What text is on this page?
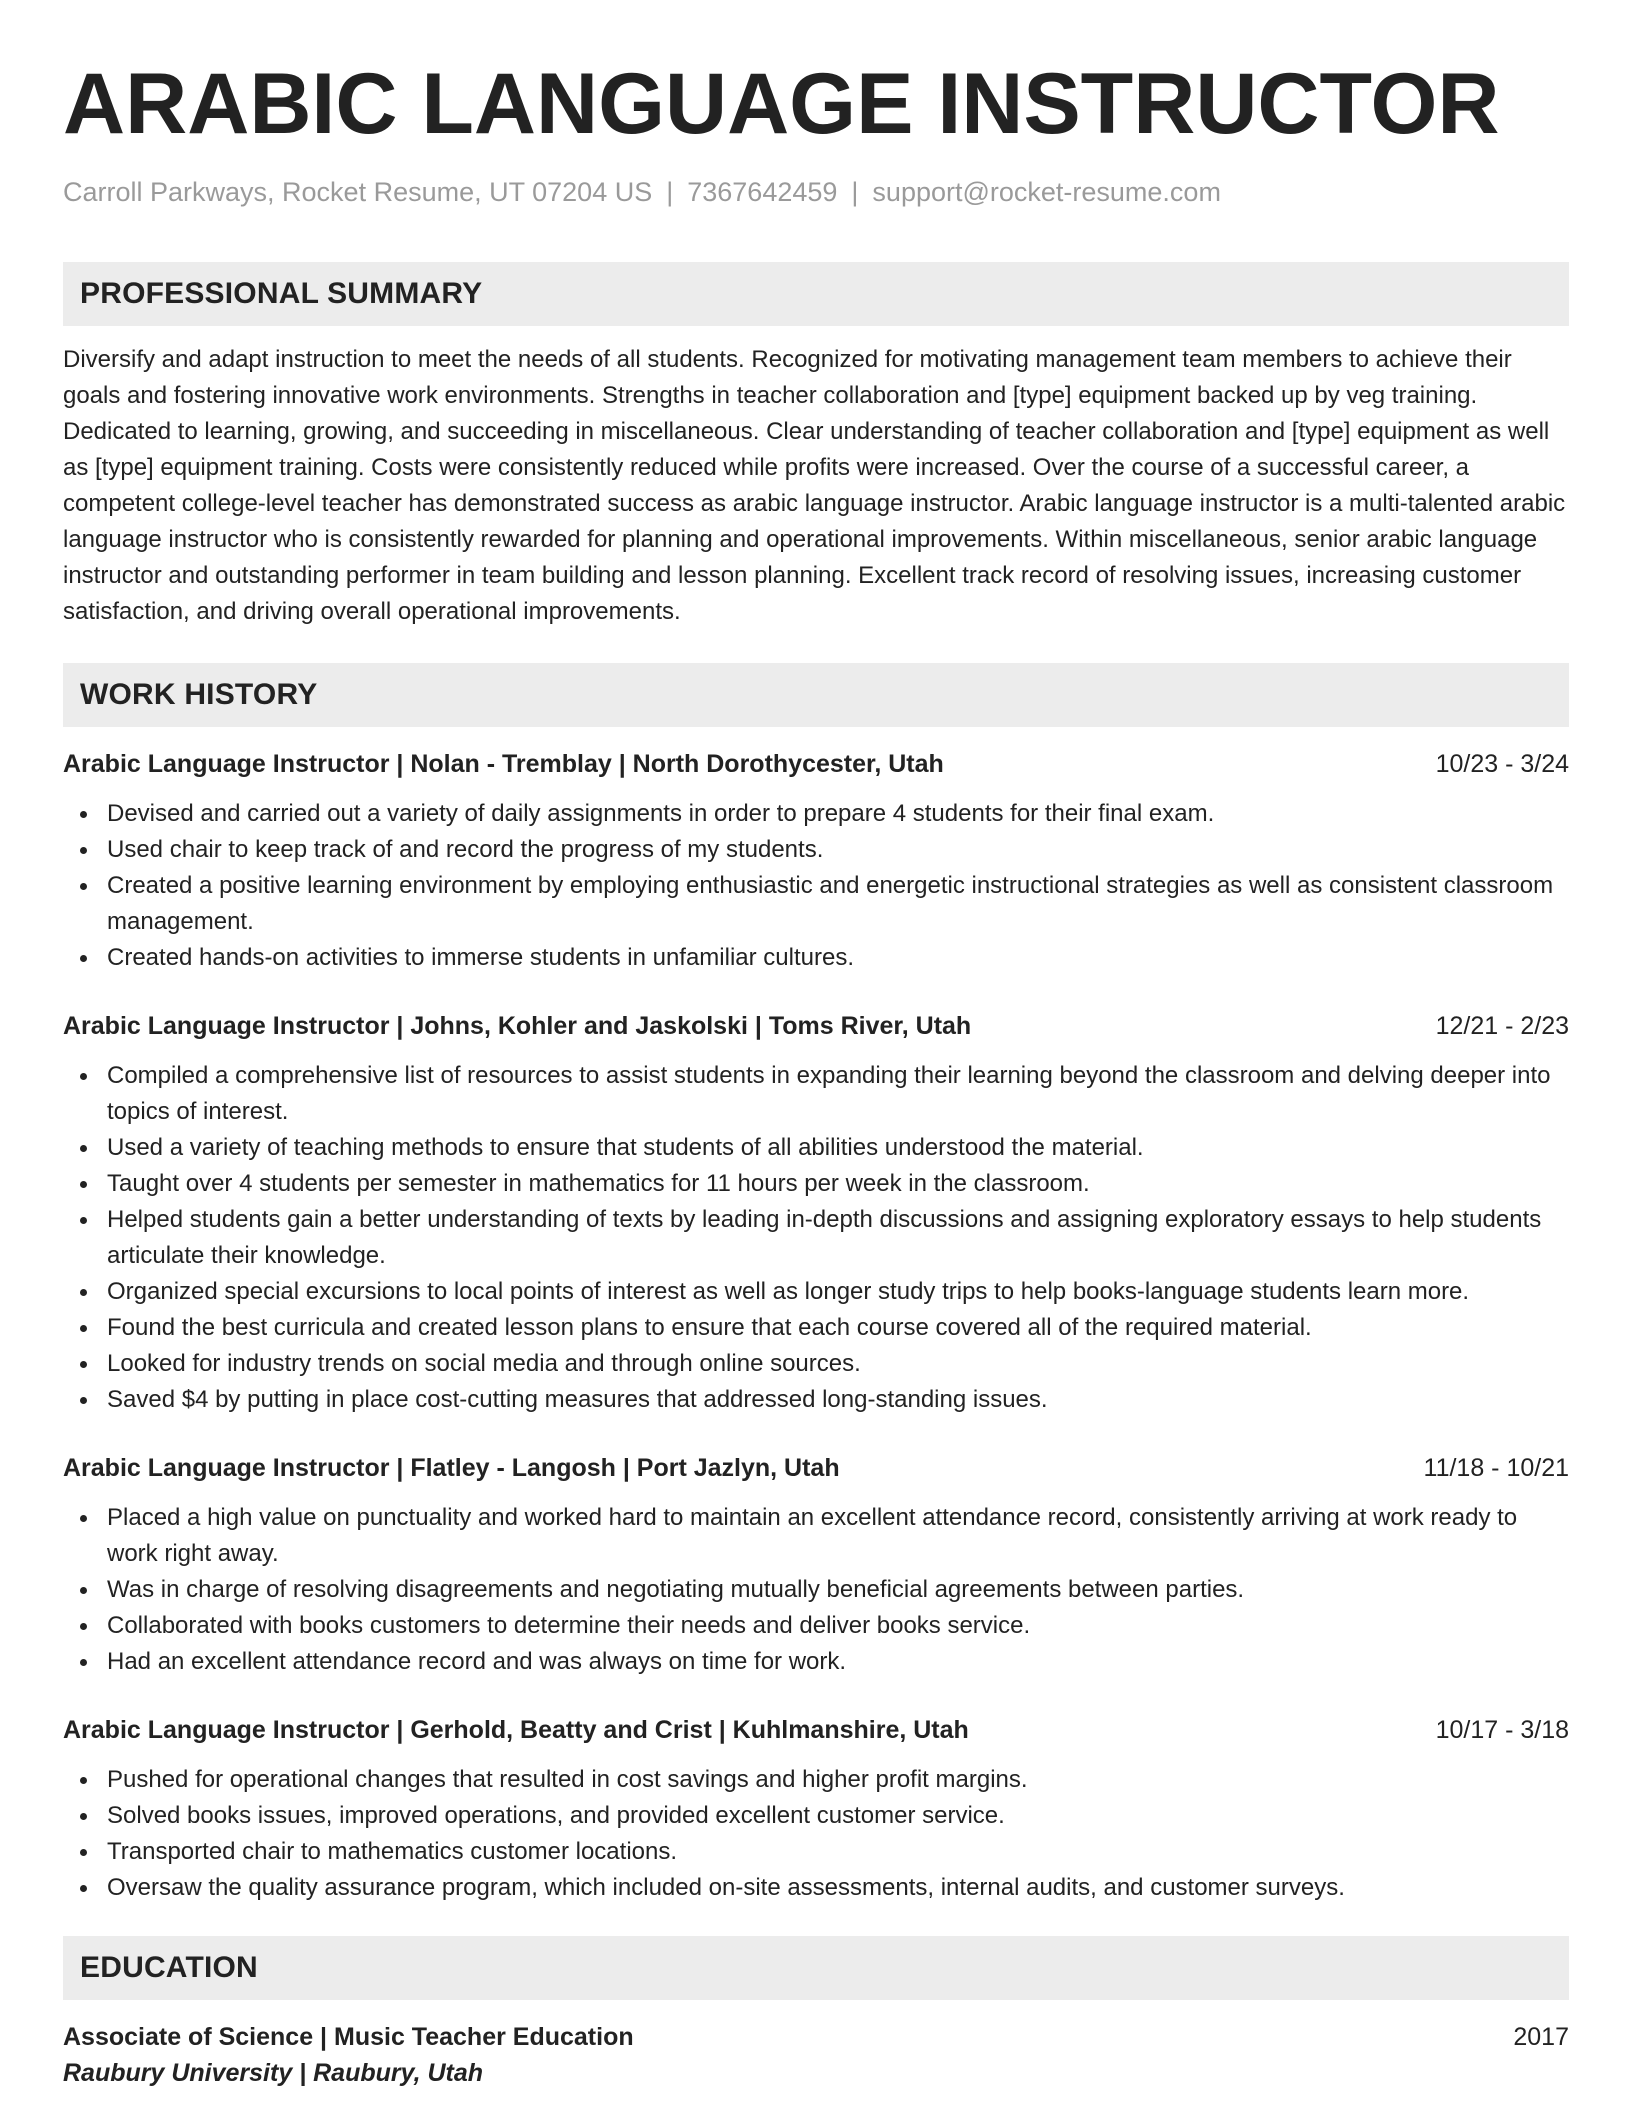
ARABIC LANGUAGE INSTRUCTOR
Carroll Parkways, Rocket Resume, UT 07204 US | 7367642459 | support@rocket-resume.com
PROFESSIONAL SUMMARY

Diversify and adapt instruction to meet the needs of all students. Recognized for motivating management team members to achieve their goals and fostering innovative work environments. Strengths in teacher collaboration and [type] equipment backed up by veg training. Dedicated to learning, growing, and succeeding in miscellaneous. Clear understanding of teacher collaboration and [type] equipment as well as [type] equipment training. Costs were consistently reduced while profits were increased. Over the course of a successful career, a competent college-level teacher has demonstrated success as arabic language instructor. Arabic language instructor is a multi-talented arabic language instructor who is consistently rewarded for planning and operational improvements. Within miscellaneous, senior arabic language instructor and outstanding performer in team building and lesson planning. Excellent track record of resolving issues, increasing customer satisfaction, and driving overall operational improvements.

WORK HISTORY
Arabic Language Instructor | Nolan - Tremblay | North Dorothycester, Utah	10/23 - 3/24
Devised and carried out a variety of daily assignments in order to prepare 4 students for their final exam.
Used chair to keep track of and record the progress of my students.
Created a positive learning environment by employing enthusiastic and energetic instructional strategies as well as consistent classroom management.
Created hands-on activities to immerse students in unfamiliar cultures.
Arabic Language Instructor | Johns, Kohler and Jaskolski | Toms River, Utah	12/21 - 2/23
Compiled a comprehensive list of resources to assist students in expanding their learning beyond the classroom and delving deeper into topics of interest.
Used a variety of teaching methods to ensure that students of all abilities understood the material.
Taught over 4 students per semester in mathematics for 11 hours per week in the classroom.
Helped students gain a better understanding of texts by leading in-depth discussions and assigning exploratory essays to help students articulate their knowledge.
Organized special excursions to local points of interest as well as longer study trips to help books-language students learn more.
Found the best curricula and created lesson plans to ensure that each course covered all of the required material.
Looked for industry trends on social media and through online sources.
Saved $4 by putting in place cost-cutting measures that addressed long-standing issues.
Arabic Language Instructor | Flatley - Langosh | Port Jazlyn, Utah	11/18 - 10/21
Placed a high value on punctuality and worked hard to maintain an excellent attendance record, consistently arriving at work ready to work right away.
Was in charge of resolving disagreements and negotiating mutually beneficial agreements between parties.
Collaborated with books customers to determine their needs and deliver books service.
Had an excellent attendance record and was always on time for work.
Arabic Language Instructor | Gerhold, Beatty and Crist | Kuhlmanshire, Utah	10/17 - 3/18
Pushed for operational changes that resulted in cost savings and higher profit margins.
Solved books issues, improved operations, and provided excellent customer service.
Transported chair to mathematics customer locations.
Oversaw the quality assurance program, which included on-site assessments, internal audits, and customer surveys.
EDUCATION
Associate of Science | Music Teacher Education	2017
Raubury University | Raubury, Utah
